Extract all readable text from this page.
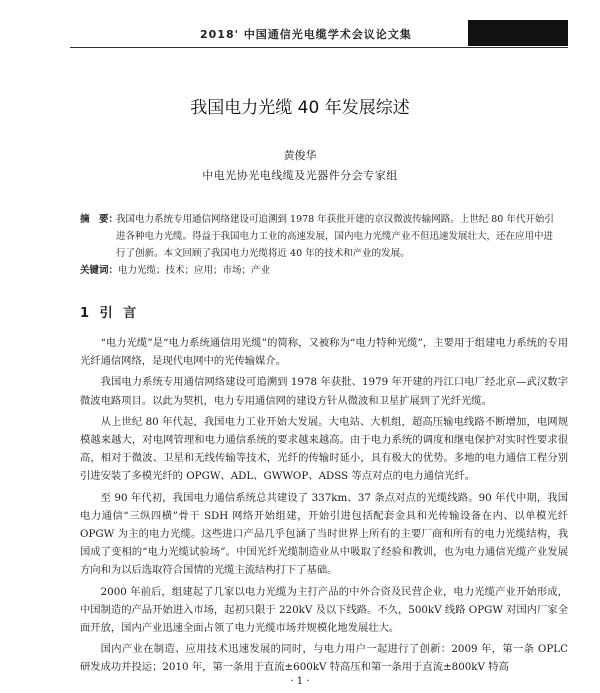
2018' 中国通信光电缆学术会议论文集
我国电力光缆 40 年发展综述
黄俊华
中电光协光电线缆及光器件分会专家组
摘　要：
我国电力系统专用通信网络建设可追溯到 1978 年获批开建的京汉微波传输网路。上世纪 80 年代开始引进各种电力光缆。得益于我国电力工业的高速发展，国内电力光缆产业不但迅速发展壮大，还在应用中进行了创新。本文回顾了我国电力光缆将近 40 年的技术和产业的发展。
关键词：电力光缆；技术；应用；市场；产业
1 引 言

“电力光缆”是“电力系统通信用光缆”的简称，又被称为“电力特种光缆”，主要用于组建电力系统的专用光纤通信网络，是现代电网中的光传输媒介。

我国电力系统专用通信网络建设可追溯到 1978 年获批、1979 年开建的丹江口电厂经北京—武汉数字微波电路项目。以此为契机，电力专用通信网的建设方针从微波和卫星扩展到了光纤光缆。

从上世纪 80 年代起，我国电力工业开始大发展。大电站、大机组，超高压输电线路不断增加，电网规模越来越大，对电网管理和电力通信系统的要求越来越高。由于电力系统的调度和继电保护对实时性要求很高，相对于微波、卫星和无线传输等技术，光纤的传输时延小，具有极大的优势。多地的电力通信工程分别引进安装了多模光纤的 OPGW、ADL、GWWOP、ADSS 等点对点的电力通信光纤。

至 90 年代初，我国电力通信系统总共建设了 337km、37 条点对点的光缆线路。90 年代中期，我国电力通信“三纵四横”骨干 SDH 网络开始组建，开始引进包括配套金具和光传输设备在内、以单模光纤 OPGW 为主的电力光缆。这些进口产品几乎包涵了当时世界上所有的主要厂商和所有的电力光缆结构，我国成了变相的“电力光缆试验场”。中国光纤光缆制造业从中吸取了经验和教训，也为电力通信光缆产业发展方向和为以后选取符合国情的光缆主流结构打下了基础。

2000 年前后，组建起了几家以电力光缆为主打产品的中外合资及民营企业，电力光缆产业开始形成，中国制造的产品开始进入市场，起初只限于 220kV 及以下线路。不久，500kV 线路 OPGW 对国内厂家全面开放，国内产业迅速全面占领了电力光缆市场并规模化地发展壮大。

国内产业在制造、应用技术迅速发展的同时，与电力用户一起进行了创新：2009 年，第一条 OPLC 研发成功并投运；2010 年，第一条用于直流±600kV 特高压和第一条用于直流±800kV 特高

· 1 ·
